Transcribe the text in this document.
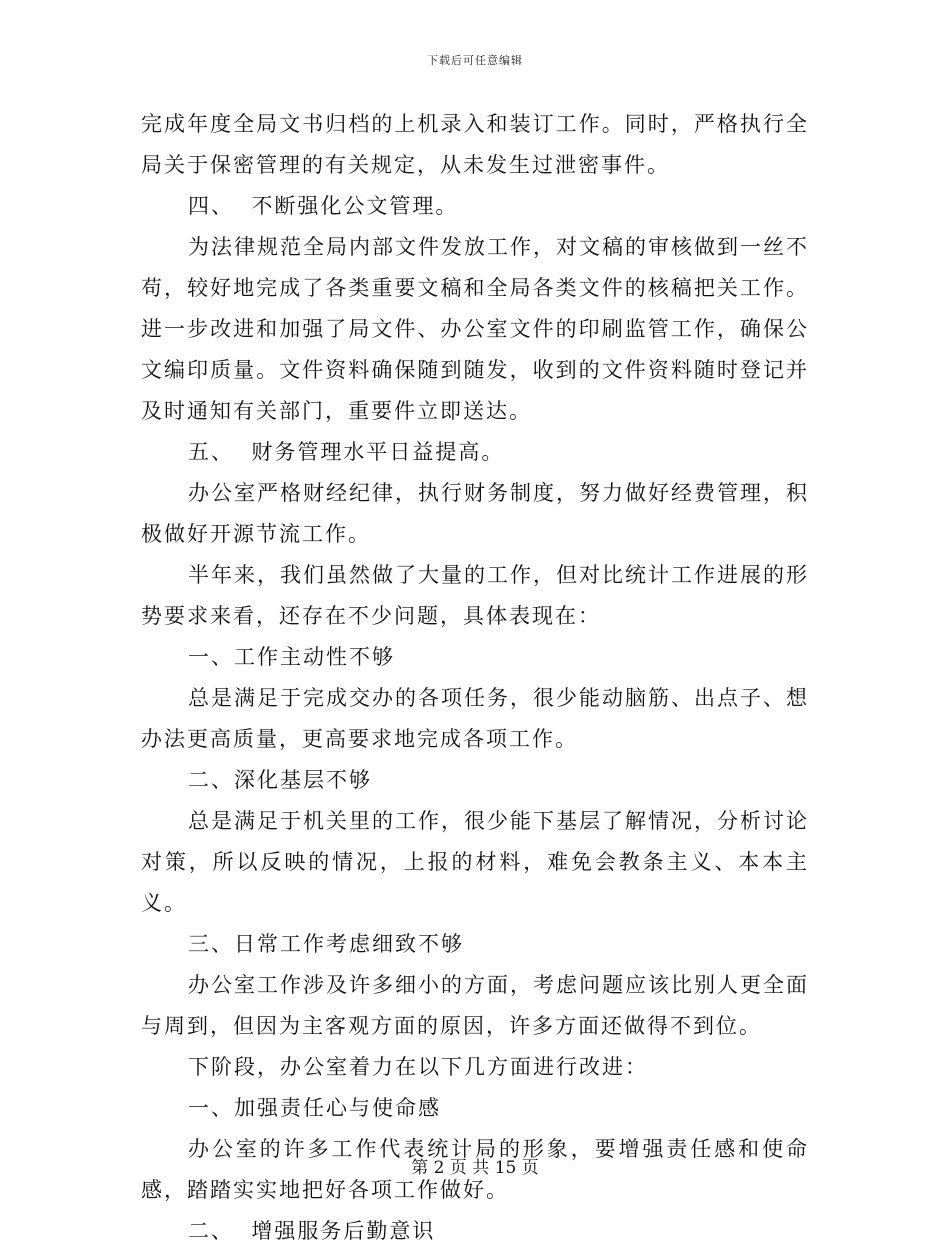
下载后可任意编辑

完成年度全局文书归档的上机录入和装订工作。同时，严格执行全局关于保密管理的有关规定，从未发生过泄密事件。

四、  不断强化公文管理。

为法律规范全局内部文件发放工作，对文稿的审核做到一丝不苟，较好地完成了各类重要文稿和全局各类文件的核稿把关工作。进一步改进和加强了局文件、办公室文件的印刷监管工作，确保公文编印质量。文件资料确保随到随发，收到的文件资料随时登记并及时通知有关部门，重要件立即送达。

五、  财务管理水平日益提高。

办公室严格财经纪律，执行财务制度，努力做好经费管理，积极做好开源节流工作。

半年来，我们虽然做了大量的工作，但对比统计工作进展的形势要求来看，还存在不少问题，具体表现在：

一、工作主动性不够

总是满足于完成交办的各项任务，很少能动脑筋、出点子、想办法更高质量，更高要求地完成各项工作。

二、深化基层不够

总是满足于机关里的工作，很少能下基层了解情况，分析讨论对策，所以反映的情况，上报的材料，难免会教条主义、本本主义。

三、日常工作考虑细致不够

办公室工作涉及许多细小的方面，考虑问题应该比别人更全面与周到，但因为主客观方面的原因，许多方面还做得不到位。

下阶段，办公室着力在以下几方面进行改进：

一、加强责任心与使命感

办公室的许多工作代表统计局的形象，要增强责任感和使命感，踏踏实实地把好各项工作做好。

二、  增强服务后勤意识

第 2 页 共 15 页
